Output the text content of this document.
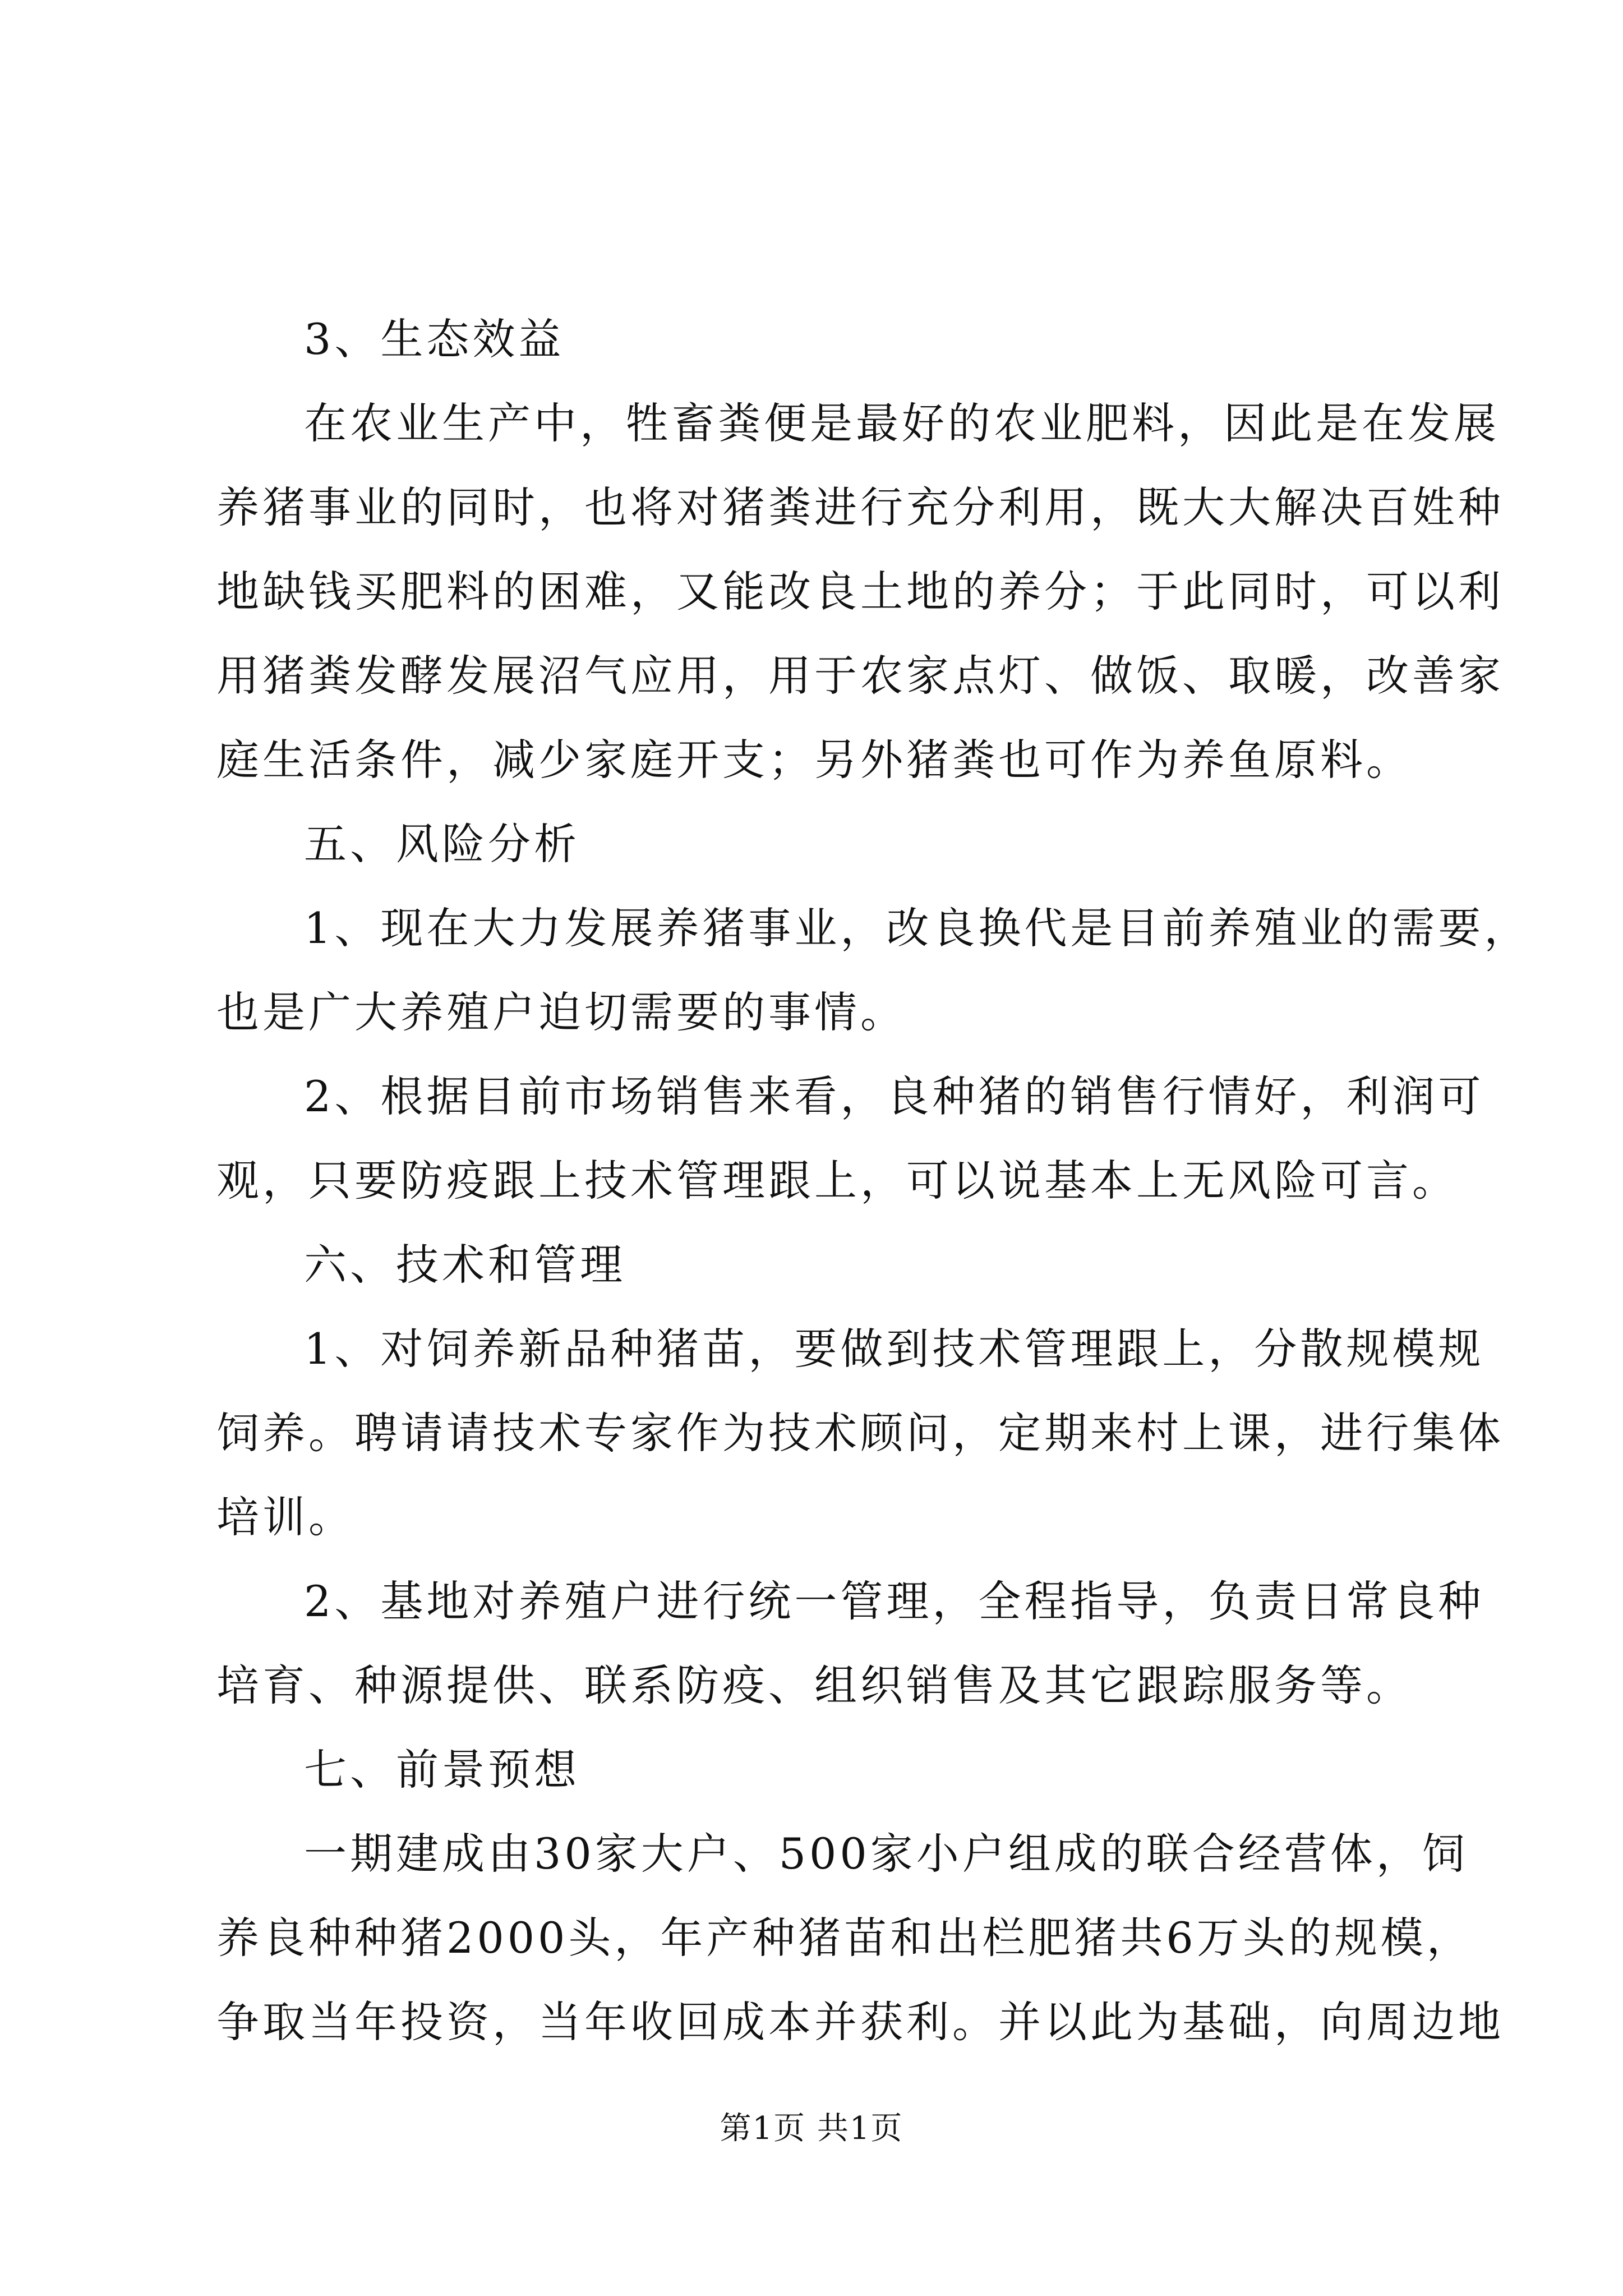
3、生态效益
在农业生产中，牲畜粪便是最好的农业肥料，因此是在发展
养猪事业的同时，也将对猪粪进行充分利用，既大大解决百姓种
地缺钱买肥料的困难，又能改良土地的养分；于此同时，可以利
用猪粪发酵发展沼气应用，用于农家点灯、做饭、取暖，改善家
庭生活条件，减少家庭开支；另外猪粪也可作为养鱼原料。
五、风险分析
1、现在大力发展养猪事业，改良换代是目前养殖业的需要，
也是广大养殖户迫切需要的事情。
2、根据目前市场销售来看，良种猪的销售行情好，利润可
观，只要防疫跟上技术管理跟上，可以说基本上无风险可言。
六、技术和管理
1、对饲养新品种猪苗，要做到技术管理跟上，分散规模规
饲养。聘请请技术专家作为技术顾问，定期来村上课，进行集体
培训。
2、基地对养殖户进行统一管理，全程指导，负责日常良种
培育、种源提供、联系防疫、组织销售及其它跟踪服务等。
七、前景预想
一期建成由30家大户、500家小户组成的联合经营体，饲
养良种种猪2000头，年产种猪苗和出栏肥猪共6万头的规模，
争取当年投资，当年收回成本并获利。并以此为基础，向周边地
第1页 共1页
